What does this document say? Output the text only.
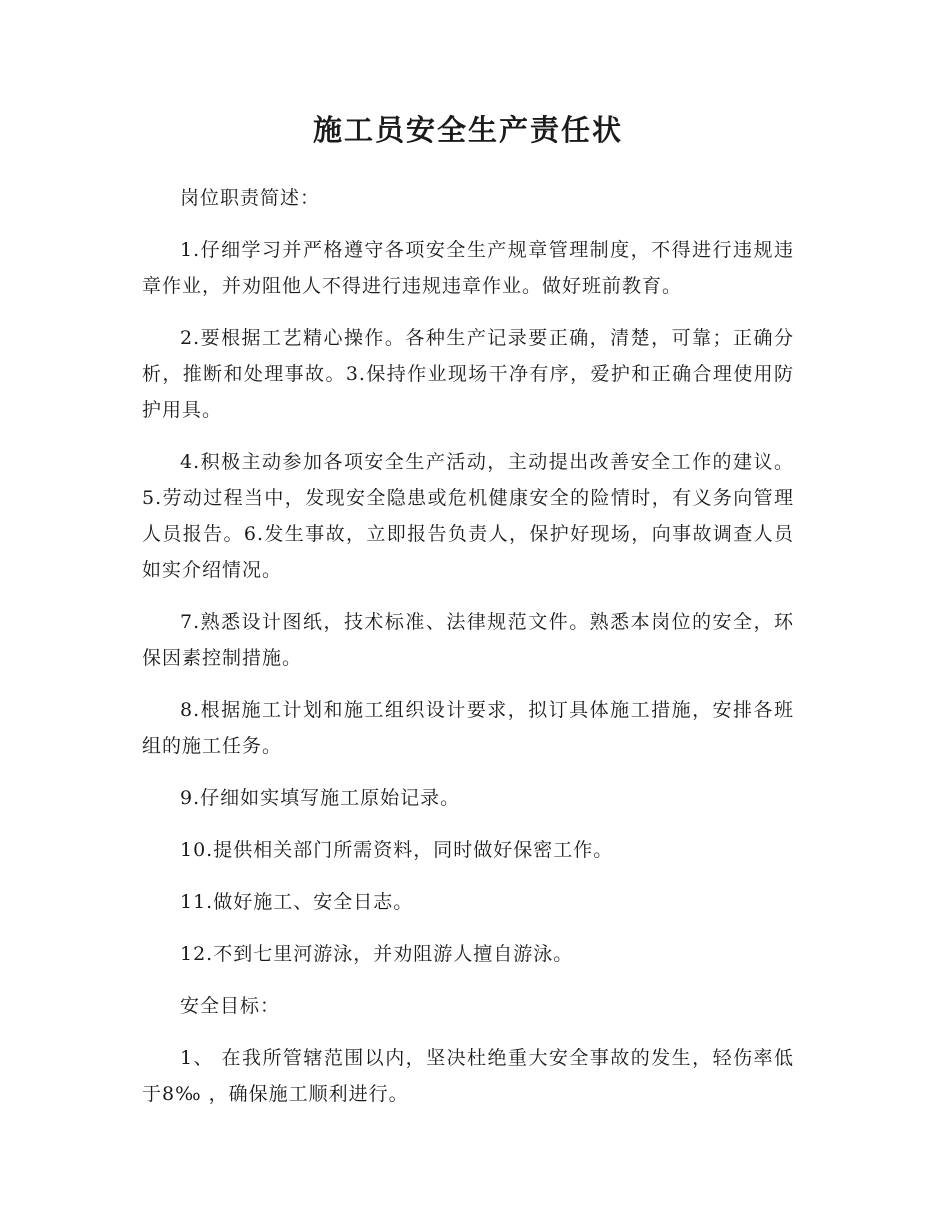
施工员安全生产责任状

岗位职责简述：

1.仔细学习并严格遵守各项安全生产规章管理制度，不得进行违规违章作业，并劝阻他人不得进行违规违章作业。做好班前教育。

2.要根据工艺精心操作。各种生产记录要正确，清楚，可靠；正确分析，推断和处理事故。3.保持作业现场干净有序，爱护和正确合理使用防护用具。

4.积极主动参加各项安全生产活动，主动提出改善安全工作的建议。5.劳动过程当中，发现安全隐患或危机健康安全的险情时，有义务向管理人员报告。6.发生事故，立即报告负责人，保护好现场，向事故调查人员如实介绍情况。

7.熟悉设计图纸，技术标准、法律规范文件。熟悉本岗位的安全，环保因素控制措施。

8.根据施工计划和施工组织设计要求，拟订具体施工措施，安排各班组的施工任务。

9.仔细如实填写施工原始记录。

10.提供相关部门所需资料，同时做好保密工作。

11.做好施工、安全日志。

12.不到七里河游泳，并劝阻游人擅自游泳。

安全目标：

1、 在我所管辖范围以内，坚决杜绝重大安全事故的发生，轻伤率低于8‰ ，确保施工顺利进行。
